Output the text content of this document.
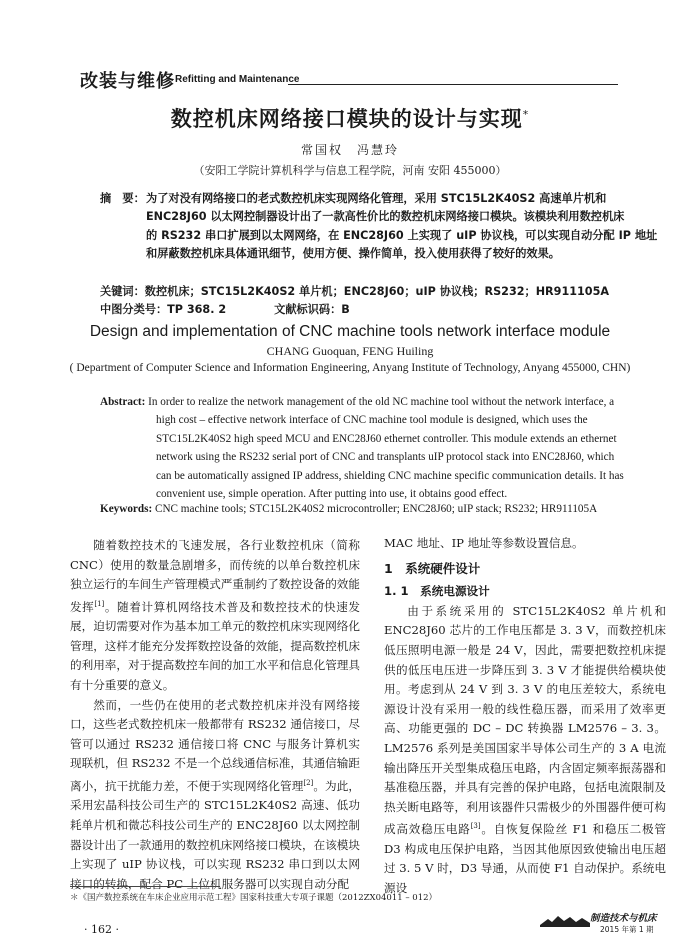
改装与维修 Refitting and Maintenance
数控机床网络接口模块的设计与实现*
常国权　冯慧玲
（安阳工学院计算机科学与信息工程学院，河南 安阳 455000）
摘　要：为了对没有网络接口的老式数控机床实现网络化管理，采用 STC15L2K40S2 高速单片机和
ENC28J60 以太网控制器设计出了一款高性价比的数控机床网络接口模块。该模块利用数控机床
的 RS232 串口扩展到以太网网络，在 ENC28J60 上实现了 uIP 协议栈，可以实现自动分配 IP 地址
和屏蔽数控机床具体通讯细节，使用方便、操作简单，投入使用获得了较好的效果。
关键词：数控机床；STC15L2K40S2 单片机；ENC28J60；uIP 协议栈；RS232；HR911105A
中图分类号：TP 368. 2	文献标识码：B
Design and implementation of CNC machine tools network interface module
CHANG Guoquan, FENG Huiling
( Department of Computer Science and Information Engineering, Anyang Institute of Technology, Anyang 455000, CHN)
Abstract: In order to realize the network management of the old NC machine tool without the network interface, a
high cost – effective network interface of CNC machine tool module is designed, which uses the
STC15L2K40S2 high speed MCU and ENC28J60 ethernet controller. This module extends an ethernet
network using the RS232 serial port of CNC and transplants uIP protocol stack into ENC28J60, which
can be automatically assigned IP address, shielding CNC machine specific communication details. It has
convenient use, simple operation. After putting into use, it obtains good effect.
Keywords: CNC machine tools; STC15L2K40S2 microcontroller; ENC28J60; uIP stack; RS232; HR911105A

随着数控技术的飞速发展，各行业数控机床（简称 CNC）使用的数量急剧增多，而传统的以单台数控机床独立运行的车间生产管理模式严重制约了数控设备的效能发挥[1]。随着计算机网络技术普及和数控技术的快速发展，迫切需要对作为基本加工单元的数控机床实现网络化管理，这样才能充分发挥数控设备的效能，提高数控机床的利用率，对于提高数控车间的加工水平和信息化管理具有十分重要的意义。

然而，一些仍在使用的老式数控机床并没有网络接口，这些老式数控机床一般都带有 RS232 通信接口，尽管可以通过 RS232 通信接口将 CNC 与服务计算机实现联机，但 RS232 不是一个总线通信标准，其通信输距离小，抗干扰能力差，不便于实现网络化管理[2]。为此，采用宏晶科技公司生产的 STC15L2K40S2 高速、低功耗单片机和微芯科技公司生产的 ENC28J60 以太网控制器设计出了一款通用的数控机床网络接口模块，在该模块上实现了 uIP 协议栈，可以实现 RS232 串口到以太网接口的转换，配合 PC 上位机服务器可以实现自动分配

MAC 地址、IP 地址等参数设置信息。

1　系统硬件设计

1. 1　系统电源设计

由于系统采用的 STC15L2K40S2 单片机和 ENC28J60 芯片的工作电压都是 3. 3 V，而数控机床低压照明电源一般是 24 V，因此，需要把数控机床提供的低压电压进一步降压到 3. 3 V 才能提供给模块使用。考虑到从 24 V 到 3. 3 V 的电压差较大，系统电源设计没有采用一般的线性稳压器，而采用了效率更高、功能更强的 DC – DC 转换器 LM2576 – 3. 3。LM2576 系列是美国国家半导体公司生产的 3 A 电流输出降压开关型集成稳压电路，内含固定频率振荡器和基准稳压器，并具有完善的保护电路，包括电流限制及热关断电路等，利用该器件只需极少的外围器件便可构成高效稳压电路[3]。自恢复保险丝 F1 和稳压二极管 D3 构成电压保护电路，当因其他原因致使输出电压超过 3. 5 V 时，D3 导通，从而使 F1 自动保护。系统电源设

＊《国产数控系统在车床企业应用示范工程》国家科技重大专项子课题（2012ZX04011 – 012）
· 162 ·
制造技术与机床
2015 年第 1 期
